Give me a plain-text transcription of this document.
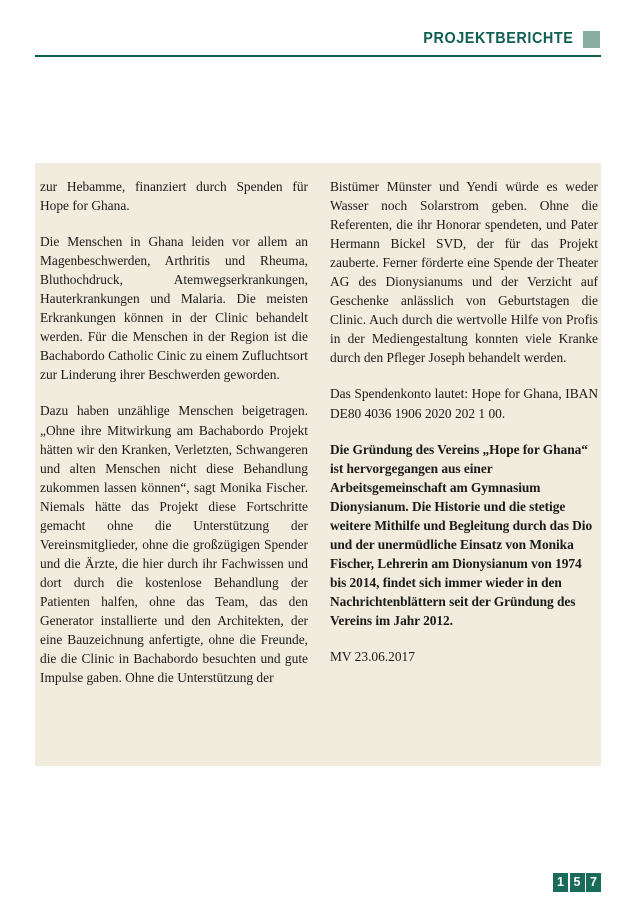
PROJEKTBERICHTE

zur Hebamme, finanziert durch Spenden für Hope for Ghana.

Die Menschen in Ghana leiden vor allem an Magenbeschwerden, Arthritis und Rheuma, Bluthochdruck, Atemwegserkrankungen, Hauterkrankungen und Malaria. Die meisten Erkrankungen können in der Clinic behandelt werden. Für die Menschen in der Region ist die Bachabordo Catholic Cinic zu einem Zufluchtsort zur Linderung ihrer Beschwerden geworden.

Dazu haben unzählige Menschen beigetragen. „Ohne ihre Mitwirkung am Bachabordo Projekt hätten wir den Kranken, Verletzten, Schwangeren und alten Menschen nicht diese Behandlung zukommen lassen können“, sagt Monika Fischer. Niemals hätte das Projekt diese Fortschritte gemacht ohne die Unterstützung der Vereinsmitglieder, ohne die großzügigen Spender und die Ärzte, die hier durch ihr Fachwissen und dort durch die kostenlose Behandlung der Patienten halfen, ohne das Team, das den Generator installierte und den Architekten, der eine Bauzeichnung anfertigte, ohne die Freunde, die die Clinic in Bachabordo besuchten und gute Impulse gaben. Ohne die Unterstützung der

Bistümer Münster und Yendi würde es weder Wasser noch Solarstrom geben. Ohne die Referenten, die ihr Honorar spendeten, und Pater Hermann Bickel SVD, der für das Projekt zauberte. Ferner förderte eine Spende der Theater AG des Dionysianums und der Verzicht auf Geschenke anlässlich von Geburtstagen die Clinic. Auch durch die wertvolle Hilfe von Profis in der Mediengestaltung konnten viele Kranke durch den Pfleger Joseph behandelt werden.

Das Spendenkonto lautet: Hope for Ghana, IBAN DE80 4036 1906 2020 202 1 00.

Die Gründung des Vereins „Hope for Ghana“ ist hervorgegangen aus einer Arbeitsgemeinschaft am Gymnasium Dionysianum. Die Historie und die stetige weitere Mithilfe und Begleitung durch das Dio und der unermüdliche Einsatz von Monika Fischer, Lehrerin am Dionysianum von 1974 bis 2014, findet sich immer wieder in den Nachrichtenblättern seit der Gründung des Vereins im Jahr 2012.

MV 23.06.2017

1 5 7
